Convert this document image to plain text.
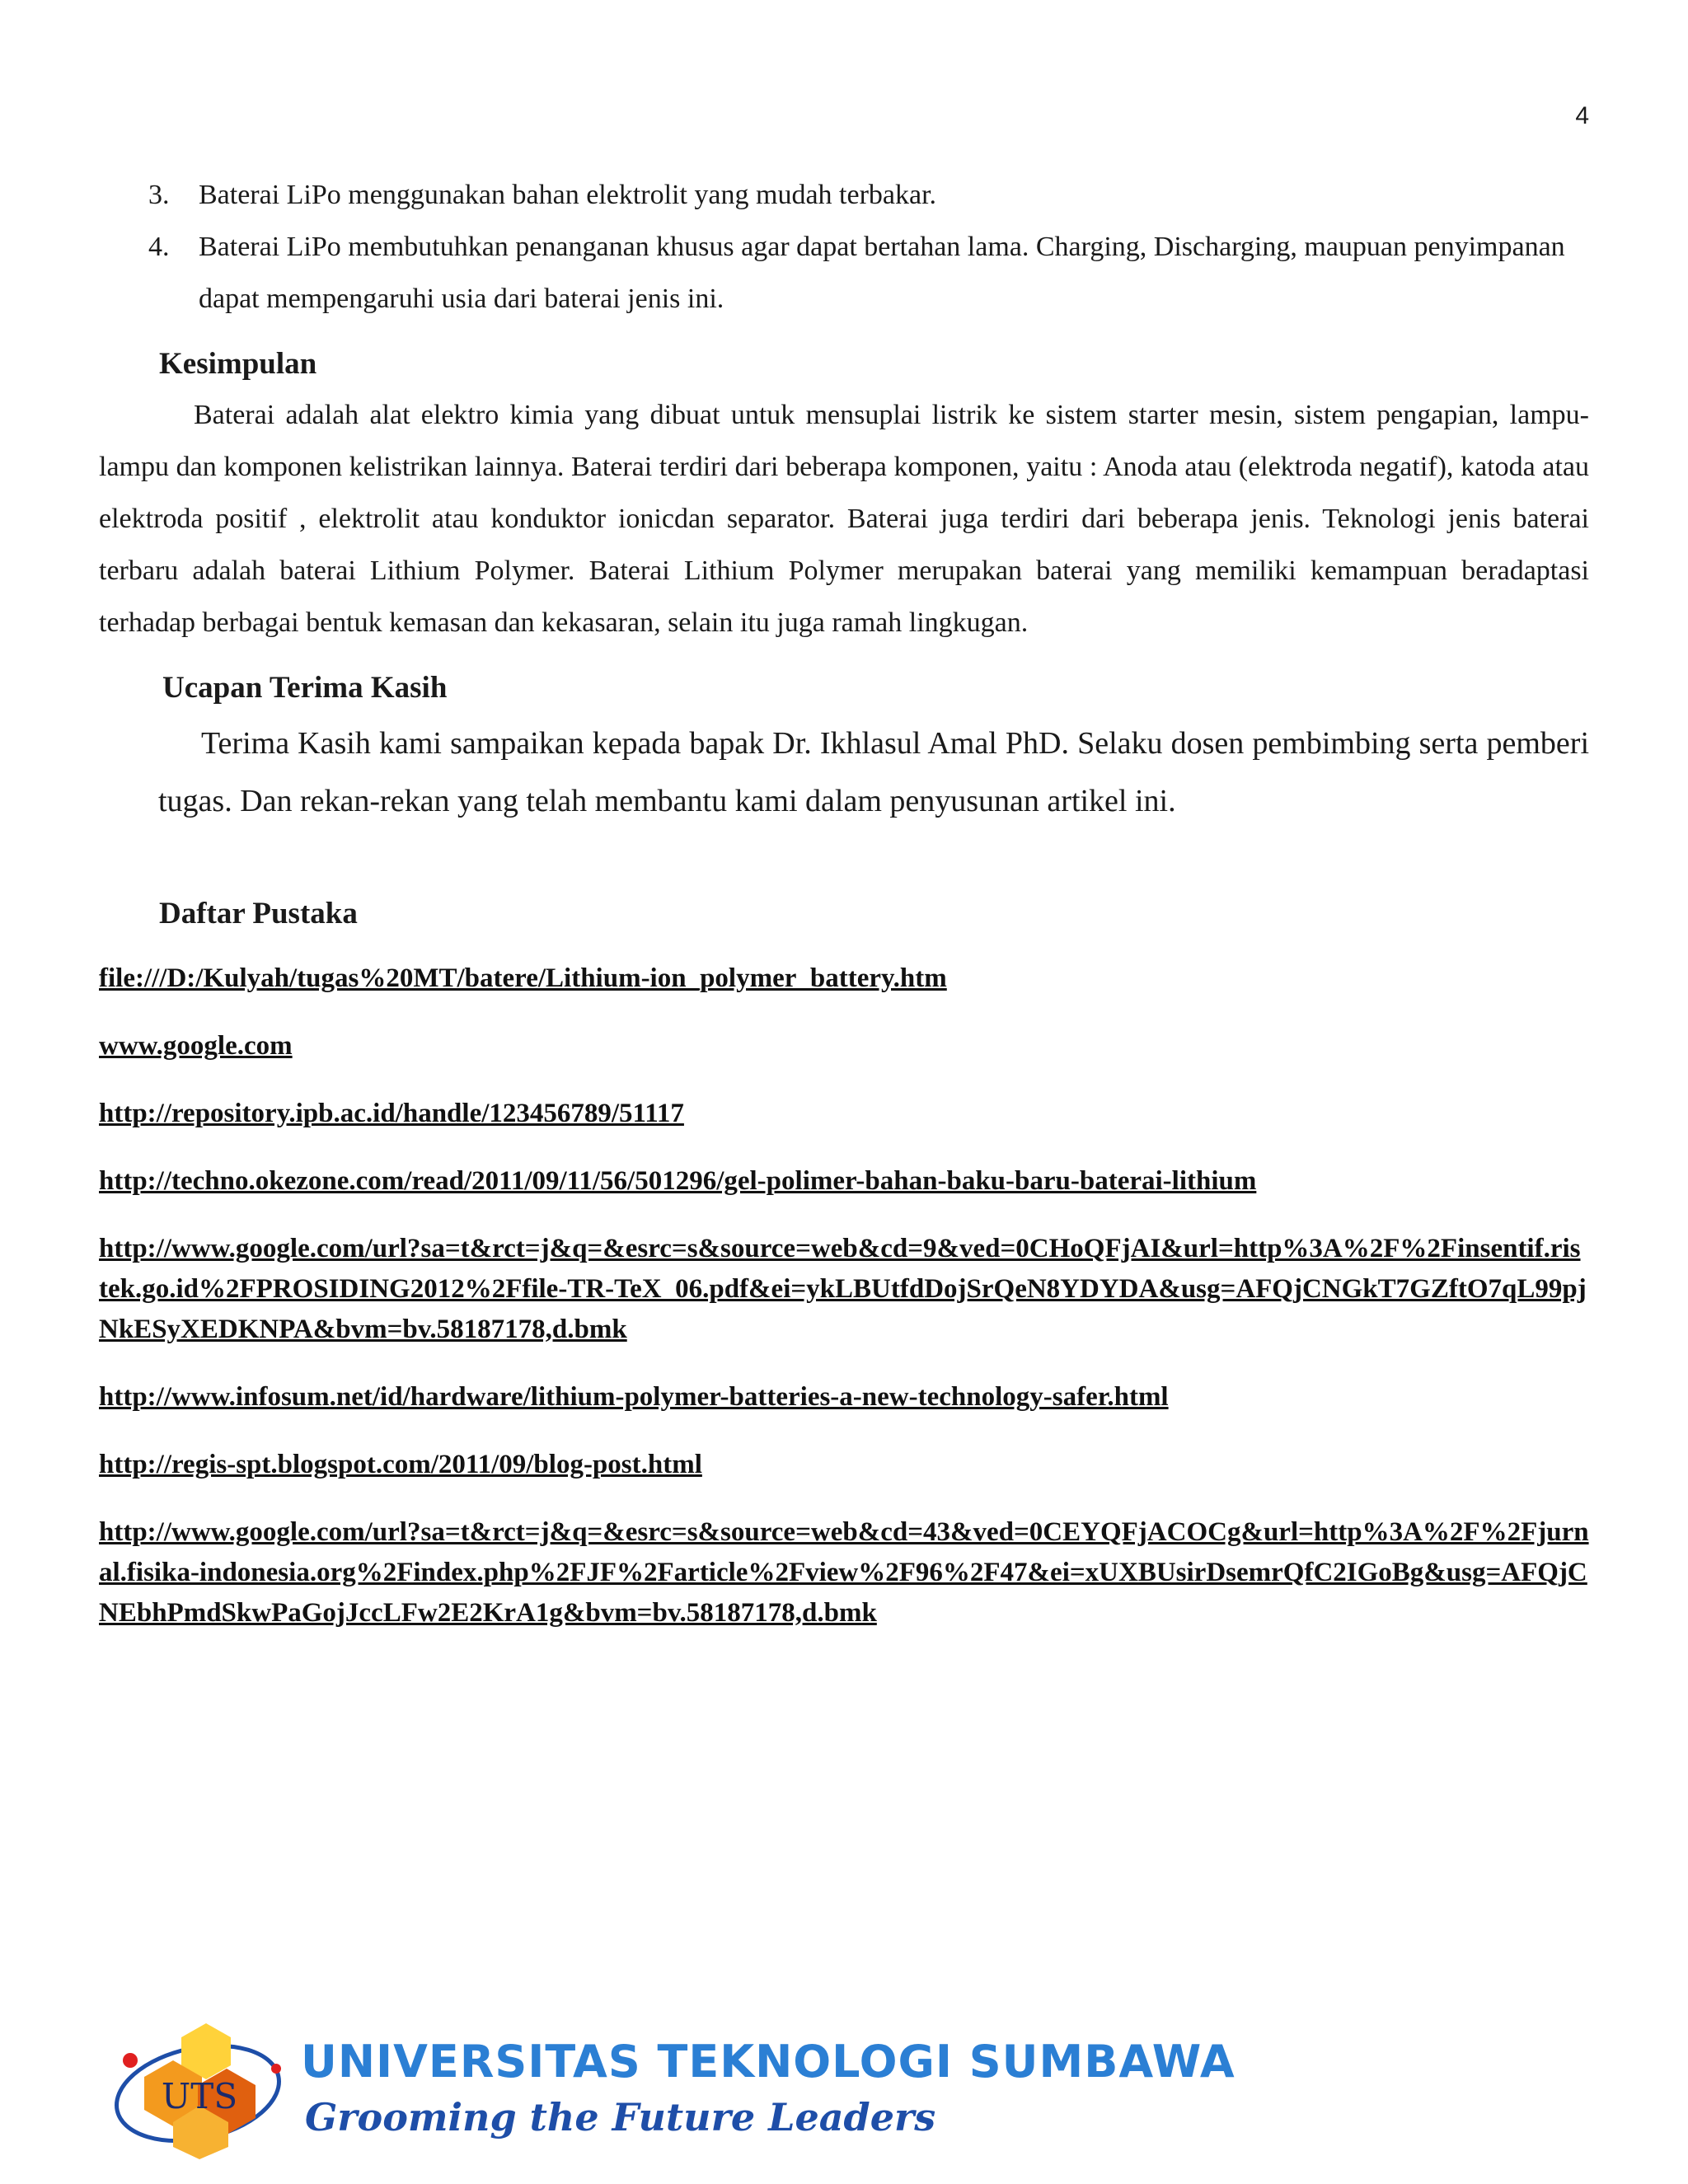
4
3. Baterai LiPo menggunakan bahan elektrolit yang mudah terbakar.
4. Baterai LiPo membutuhkan penanganan khusus agar dapat bertahan lama. Charging, Discharging, maupuan penyimpanan dapat mempengaruhi usia dari baterai jenis ini.
Kesimpulan

Baterai adalah alat elektro kimia yang dibuat untuk mensuplai listrik ke sistem starter mesin, sistem pengapian, lampu-lampu dan komponen kelistrikan lainnya. Baterai terdiri dari beberapa komponen, yaitu : Anoda atau (elektroda negatif), katoda atau elektroda positif , elektrolit atau konduktor ionicdan separator. Baterai juga terdiri dari beberapa jenis. Teknologi jenis baterai terbaru adalah baterai Lithium Polymer. Baterai Lithium Polymer merupakan baterai yang memiliki kemampuan beradaptasi terhadap berbagai bentuk kemasan dan kekasaran, selain itu juga ramah lingkugan.

Ucapan Terima Kasih

Terima Kasih kami sampaikan kepada bapak Dr. Ikhlasul Amal PhD. Selaku dosen pembimbing serta pemberi tugas. Dan rekan-rekan yang telah membantu kami dalam penyusunan artikel ini.

Daftar Pustaka
file:///D:/Kulyah/tugas%20MT/batere/Lithium-ion_polymer_battery.htm
www.google.com
http://repository.ipb.ac.id/handle/123456789/51117
http://techno.okezone.com/read/2011/09/11/56/501296/gel-polimer-bahan-baku-baru-baterai-lithium
http://www.google.com/url?sa=t&rct=j&q=&esrc=s&source=web&cd=9&ved=0CHoQFjAI&url=http%3A%2F%2Finsentif.ristek.go.id%2FPROSIDING2012%2Ffile-TR-TeX_06.pdf&ei=ykLBUtfdDojSrQeN8YDYDA&usg=AFQjCNGkT7GZftO7qL99pjNkESyXEDKNPA&bvm=bv.58187178,d.bmk
http://www.infosum.net/id/hardware/lithium-polymer-batteries-a-new-technology-safer.html
http://regis-spt.blogspot.com/2011/09/blog-post.html
http://www.google.com/url?sa=t&rct=j&q=&esrc=s&source=web&cd=43&ved=0CEYQFjACOCg&url=http%3A%2F%2Fjurnal.fisika-indonesia.org%2Findex.php%2FJF%2Farticle%2Fview%2F96%2F47&ei=xUXBUsirDsemrQfC2IGoBg&usg=AFQjCNEbhPmdSkwPaGojJccLFw2E2KrA1g&bvm=bv.58187178,d.bmk
UTS
UNIVERSITAS TEKNOLOGI SUMBAWA
Grooming the Future Leaders
